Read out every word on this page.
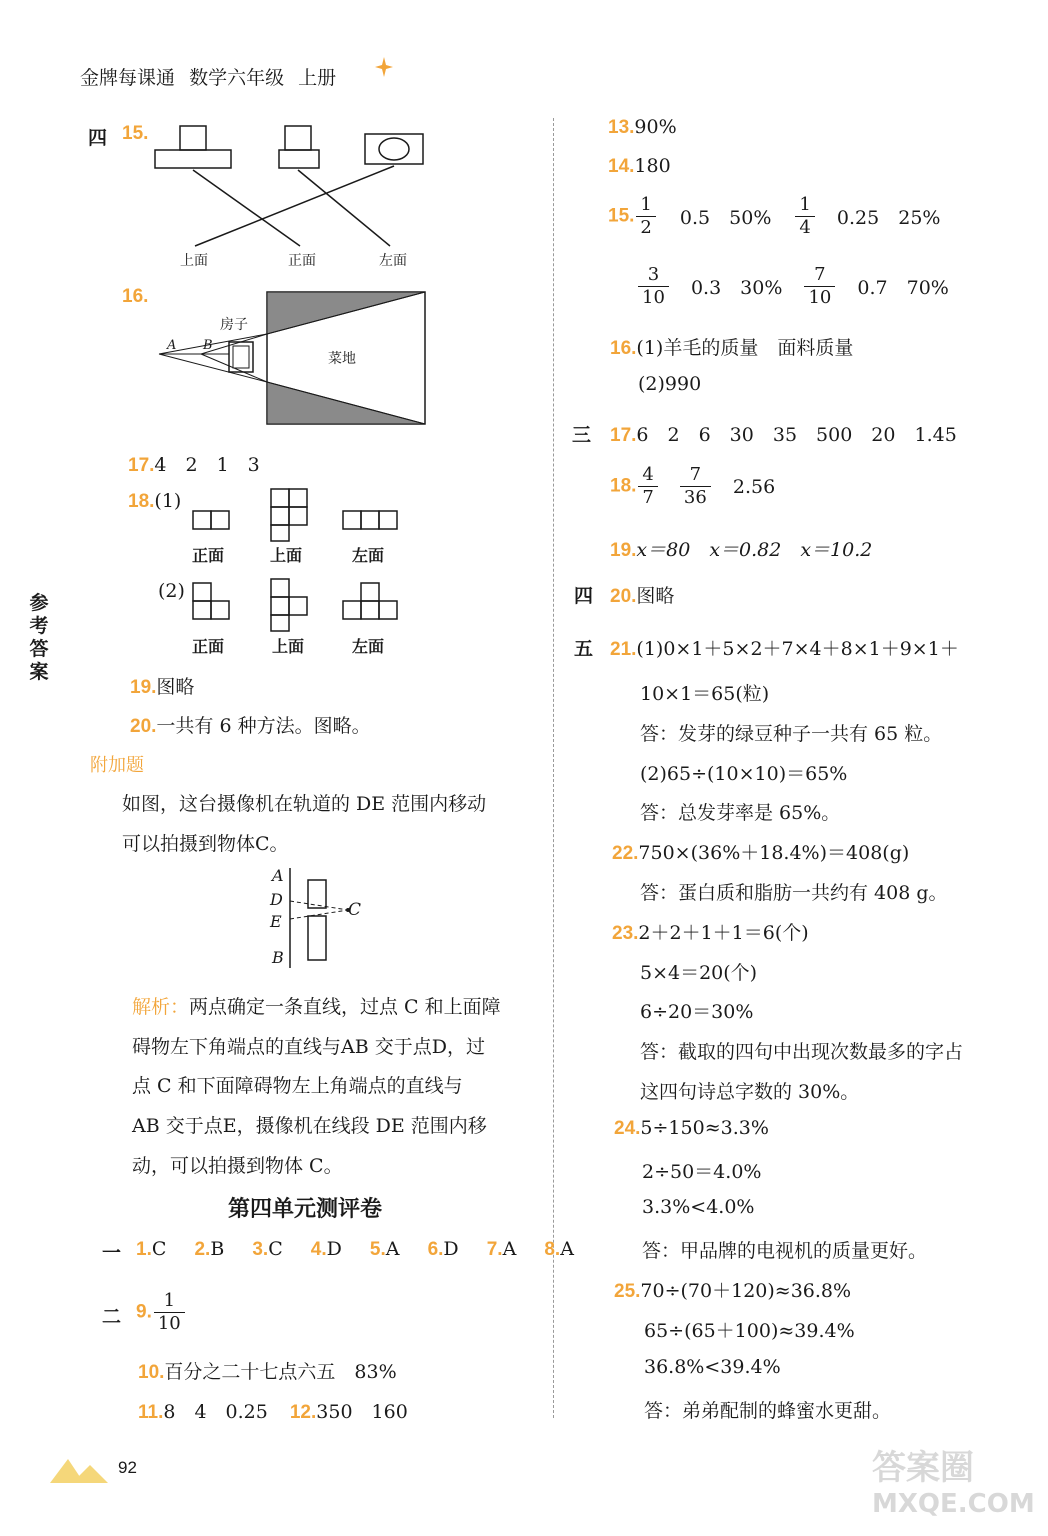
金牌每课通 数学六年级 上册
参考答案
四 15.
上面	正面	左面
16.
房子
菜地
A B
17.4　2　1　3
18.(1)
正面	上面	左面
(2)
正面	上面	左面
19.图略
20.一共有 6 种方法。图略。
附加题
如图，这台摄像机在轨道的 DE 范围内移动
可以拍摄到物体C。
A
D
E
B
C
解析：两点确定一条直线，过点 C 和上面障
碍物左下角端点的直线与AB 交于点D，过
点 C 和下面障碍物左上角端点的直线与
AB 交于点E，摄像机在线段 DE 范围内移
动，可以拍摄到物体 C。
第四单元测评卷
一 1.C 2.B 3.C 4.D 5.A 6.D 7.A 8.A
二 9. $\frac{1}{10}$
10.百分之二十七点六五　83%
11.8　4　0.25 12.350　160
92
13.90%
14.180
15. $\frac{1}{2} 0.5$　$50\% \frac{1}{4} 0.25$　25%
$\frac{3}{10} 0.3$　$30\% \frac{7}{10} 0.7$　70%
16.(1)羊毛的质量　面料质量
(2)990
三 17.6　2　6　30　35　500　20　1.45
18. $\frac{4}{7}$
$\frac{7}{36} 2.56$
19.x＝80　x＝0.82　x＝10.2
四 20.图略
五 21.(1)0×1＋5×2＋7×4＋8×1＋9×1＋
10×1＝65(粒)
答：发芽的绿豆种子一共有 65 粒。
(2)65÷(10×10)＝65%
答：总发芽率是 65%。
22.750×(36%＋18.4%)＝408(g)
答：蛋白质和脂肪一共约有 408 g。
23.2＋2＋1＋1＝6(个)
5×4＝20(个)
6÷20＝30%
答：截取的四句中出现次数最多的字占
这四句诗总字数的 30%。
24.5÷150≈3.3%
2÷50＝4.0%
3.3%<4.0%
答：甲品牌的电视机的质量更好。
25.70÷(70＋120)≈36.8%
65÷(65＋100)≈39.4%
36.8%<39.4%
答：弟弟配制的蜂蜜水更甜。
答案圈
MXQE.COM
